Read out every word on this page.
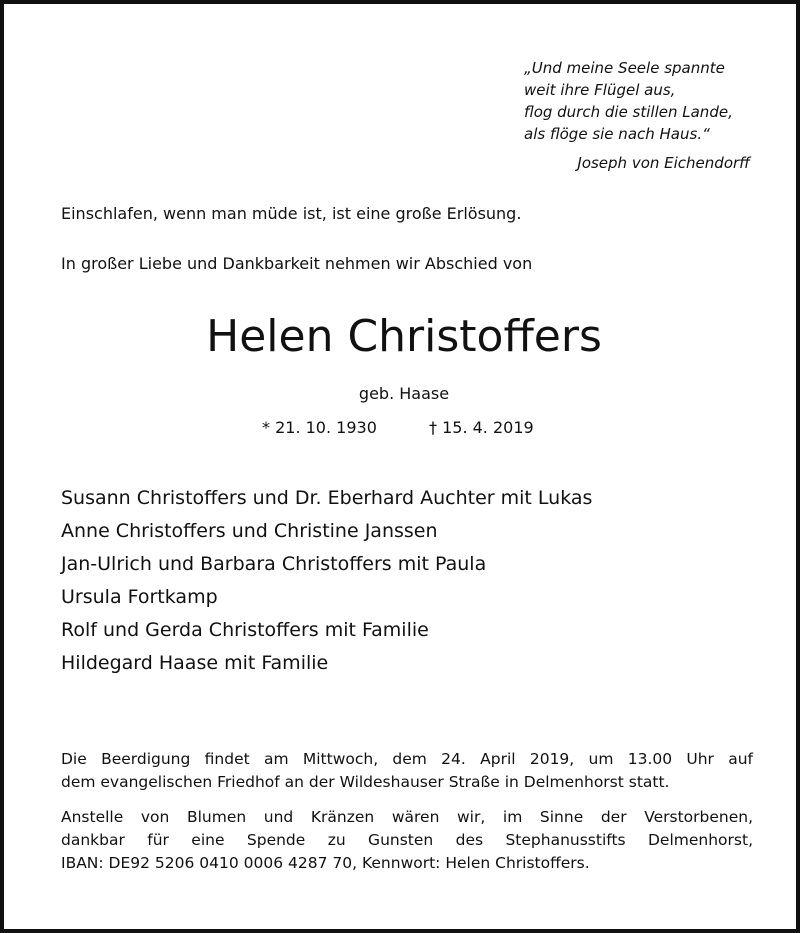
„Und meine Seele spannte
weit ihre Flügel aus,
flog durch die stillen Lande,
als flöge sie nach Haus.“
Joseph von Eichendorff
Einschlafen, wenn man müde ist, ist eine große Erlösung.
In großer Liebe und Dankbarkeit nehmen wir Abschied von
Helen Christoffers
geb. Haase
* 21. 10. 1930	† 15. 4. 2019
Susann Christoffers und Dr. Eberhard Auchter mit Lukas
Anne Christoffers und Christine Janssen
Jan-Ulrich und Barbara Christoffers mit Paula
Ursula Fortkamp
Rolf und Gerda Christoffers mit Familie
Hildegard Haase mit Familie
Die Beerdigung findet am Mittwoch, dem 24. April 2019, um 13.00 Uhr auf
dem evangelischen Friedhof an der Wildeshauser Straße in Delmenhorst statt.
Anstelle von Blumen und Kränzen wären wir, im Sinne der Verstorbenen,
dankbar für eine Spende zu Gunsten des Stephanusstifts Delmenhorst,
IBAN: DE92 5206 0410 0006 4287 70, Kennwort: Helen Christoffers.
